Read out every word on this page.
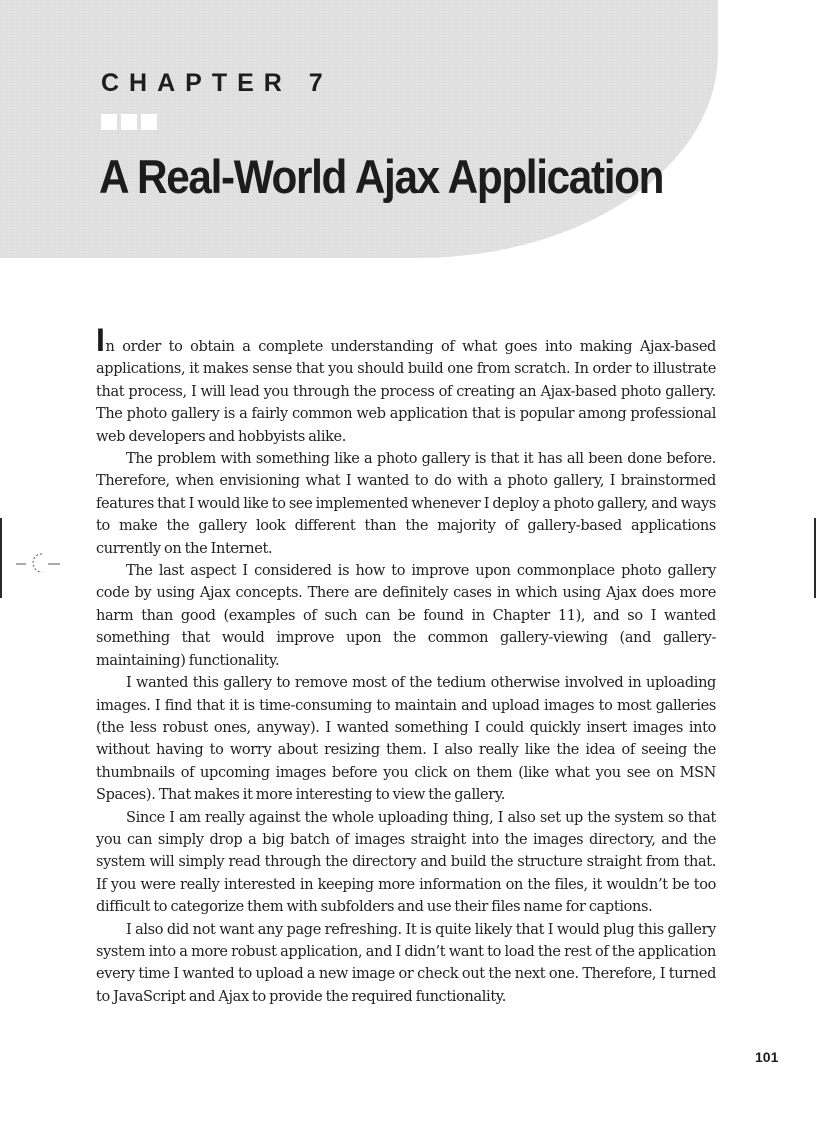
CHAPTER 7
A Real-World Ajax Application

In order to obtain a complete understanding of what goes into making Ajax-based applications, it makes sense that you should build one from scratch. In order to illustrate that process, I will lead you through the process of creating an Ajax-based photo gallery. The photo gallery is a fairly common web application that is popular among professional web developers and hobbyists alike.

The problem with something like a photo gallery is that it has all been done before. Therefore, when envisioning what I wanted to do with a photo gallery, I brainstormed features that I would like to see implemented whenever I deploy a photo gallery, and ways to make the gallery look different than the majority of gallery-based applications currently on the Internet.

The last aspect I considered is how to improve upon commonplace photo gallery code by using Ajax concepts. There are definitely cases in which using Ajax does more harm than good (examples of such can be found in Chapter 11), and so I wanted something that would improve upon the common gallery-viewing (and gallery-maintaining) functionality.

I wanted this gallery to remove most of the tedium otherwise involved in uploading images. I find that it is time-consuming to maintain and upload images to most galleries (the less robust ones, anyway). I wanted something I could quickly insert images into without having to worry about resizing them. I also really like the idea of seeing the thumbnails of upcoming images before you click on them (like what you see on MSN Spaces). That makes it more interesting to view the gallery.

Since I am really against the whole uploading thing, I also set up the system so that you can simply drop a big batch of images straight into the images directory, and the system will simply read through the directory and build the structure straight from that. If you were really interested in keeping more information on the files, it wouldn’t be too difficult to categorize them with subfolders and use their files name for captions.

I also did not want any page refreshing. It is quite likely that I would plug this gallery system into a more robust application, and I didn’t want to load the rest of the application every time I wanted to upload a new image or check out the next one. Therefore, I turned to JavaScript and Ajax to provide the required functionality.

101
